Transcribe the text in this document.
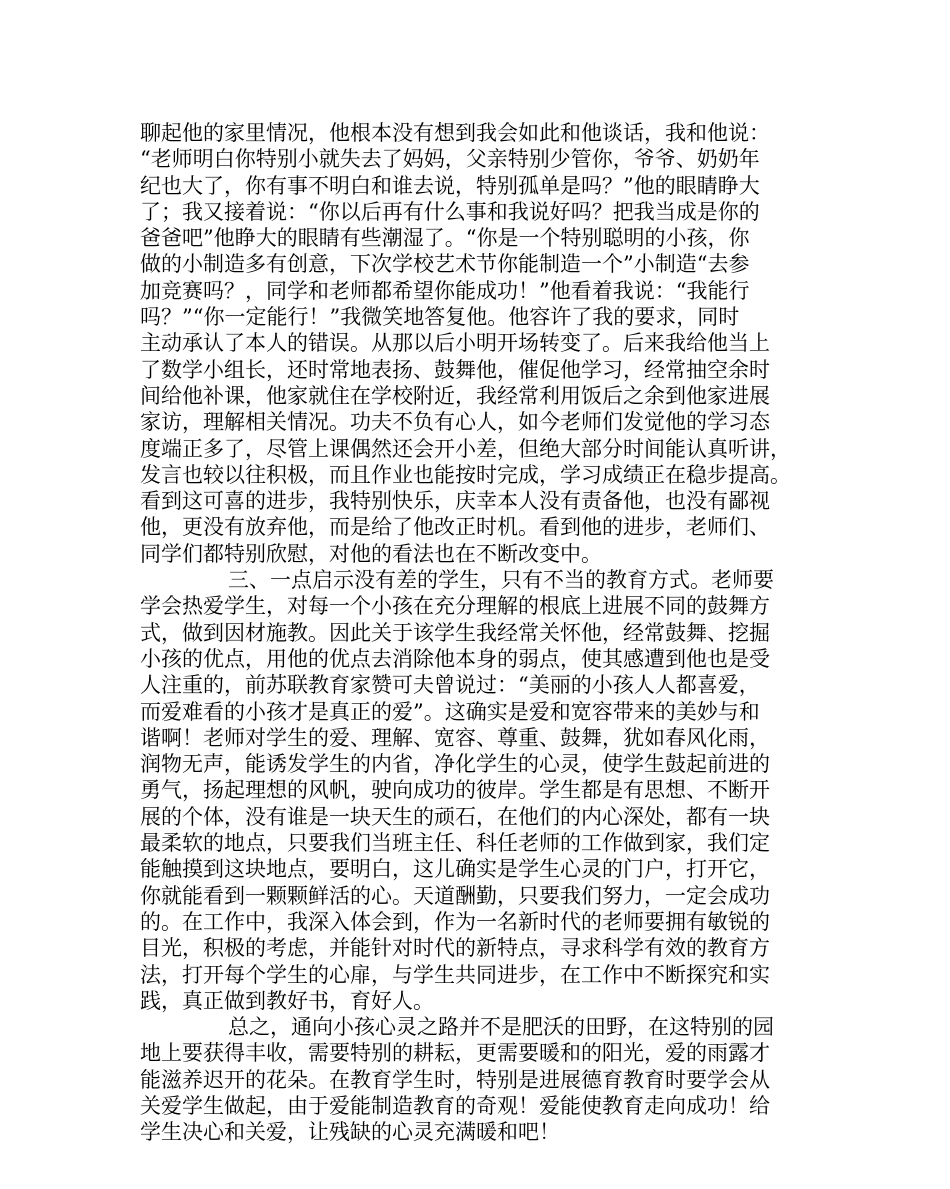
聊起他的家里情况，他根本没有想到我会如此和他谈话，我和他说：
“老师明白你特别小就失去了妈妈，父亲特别少管你，爷爷、奶奶年
纪也大了，你有事不明白和谁去说，特别孤单是吗？”他的眼睛睁大
了；我又接着说：“你以后再有什么事和我说好吗？把我当成是你的
爸爸吧”他睁大的眼睛有些潮湿了。“你是一个特别聪明的小孩，你
做的小制造多有创意，下次学校艺术节你能制造一个”小制造“去参
加竞赛吗？，同学和老师都希望你能成功！”他看着我说：“我能行
吗？”“你一定能行！”我微笑地答复他。他容许了我的要求，同时
主动承认了本人的错误。从那以后小明开场转变了。后来我给他当上
了数学小组长，还时常地表扬、鼓舞他，催促他学习，经常抽空余时
间给他补课，他家就住在学校附近，我经常利用饭后之余到他家进展
家访，理解相关情况。功夫不负有心人，如今老师们发觉他的学习态
度端正多了，尽管上课偶然还会开小差，但绝大部分时间能认真听讲，
发言也较以往积极，而且作业也能按时完成，学习成绩正在稳步提高。
看到这可喜的进步，我特别快乐，庆幸本人没有责备他，也没有鄙视
他，更没有放弃他，而是给了他改正时机。看到他的进步，老师们、
同学们都特别欣慰，对他的看法也在不断改变中。
三、一点启示没有差的学生，只有不当的教育方式。老师要
学会热爱学生，对每一个小孩在充分理解的根底上进展不同的鼓舞方
式，做到因材施教。因此关于该学生我经常关怀他，经常鼓舞、挖掘
小孩的优点，用他的优点去消除他本身的弱点，使其感遭到他也是受
人注重的，前苏联教育家赞可夫曾说过：“美丽的小孩人人都喜爱，
而爱难看的小孩才是真正的爱”。这确实是爱和宽容带来的美妙与和
谐啊！老师对学生的爱、理解、宽容、尊重、鼓舞，犹如春风化雨，
润物无声，能诱发学生的内省，净化学生的心灵，使学生鼓起前进的
勇气，扬起理想的风帆，驶向成功的彼岸。学生都是有思想、不断开
展的个体，没有谁是一块天生的顽石，在他们的内心深处，都有一块
最柔软的地点，只要我们当班主任、科任老师的工作做到家，我们定
能触摸到这块地点，要明白，这儿确实是学生心灵的门户，打开它，
你就能看到一颗颗鲜活的心。天道酬勤，只要我们努力，一定会成功
的。在工作中，我深入体会到，作为一名新时代的老师要拥有敏锐的
目光，积极的考虑，并能针对时代的新特点，寻求科学有效的教育方
法，打开每个学生的心扉，与学生共同进步，在工作中不断探究和实
践，真正做到教好书，育好人。
总之，通向小孩心灵之路并不是肥沃的田野，在这特别的园
地上要获得丰收，需要特别的耕耘，更需要暖和的阳光，爱的雨露才
能滋养迟开的花朵。在教育学生时，特别是进展德育教育时要学会从
关爱学生做起，由于爱能制造教育的奇观！爱能使教育走向成功！给
学生决心和关爱，让残缺的心灵充满暖和吧！
